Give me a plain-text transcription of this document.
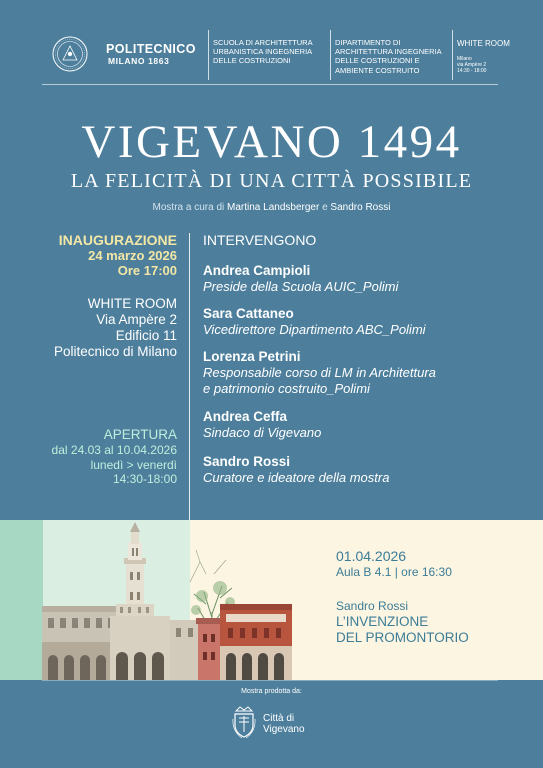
POLITECNICO
MILANO 1863
SCUOLA DI ARCHITETTURA
URBANISTICA INGEGNERIA
DELLE COSTRUZIONI
DIPARTIMENTO DI
ARCHITETTURA INGEGNERIA
DELLE COSTRUZIONI E
AMBIENTE COSTRUITO
WHITE ROOM
Milano
via Ampère 2
14:30 - 18:00
VIGEVANO 1494
LA FELICITÀ DI UNA CITTÀ POSSIBILE
Mostra a cura di Martina Landsberger e Sandro Rossi
INAUGURAZIONE
24 marzo 2026
Ore 17:00
WHITE ROOM
Via Ampère 2
Edificio 11
Politecnico di Milano
APERTURA
dal 24.03 al 10.04.2026
lunedì > venerdì
14:30-18:00
INTERVENGONO
Andrea Campioli
Preside della Scuola AUIC_Polimi
Sara Cattaneo
Vicedirettore Dipartimento ABC_Polimi
Lorenza Petrini
Responsabile corso di LM in Architettura
e patrimonio costruito_Polimi
Andrea Ceffa
Sindaco di Vigevano
Sandro Rossi
Curatore e ideatore della mostra
01.04.2026
Aula B 4.1 | ore 16:30
Sandro Rossi
L’INVENZIONE
DEL PROMONTORIO
Mostra prodotta da:
Città di
Vigevano
